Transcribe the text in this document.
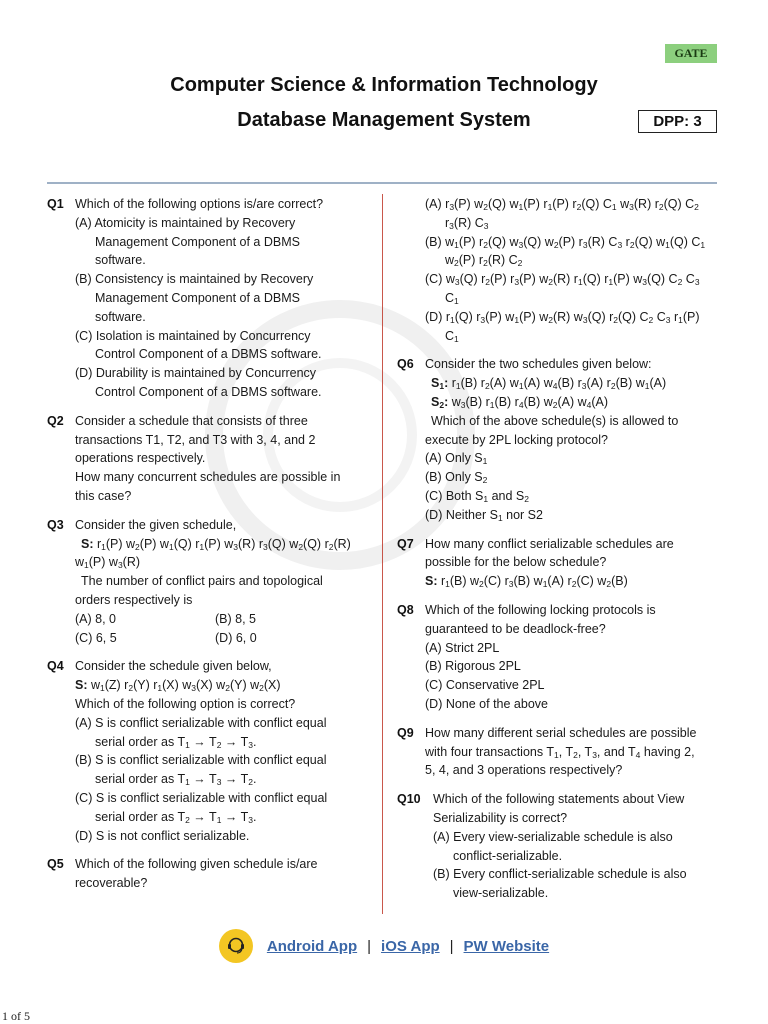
GATE
Computer Science & Information Technology
Database Management System	DPP: 3
Q1 Which of the following options is/are correct?
(A) Atomicity is maintained by Recovery
Management Component of a DBMS
software.
(B) Consistency is maintained by Recovery
Management Component of a DBMS
software.
(C) Isolation is maintained by Concurrency
Control Component of a DBMS software.
(D) Durability is maintained by Concurrency
Control Component of a DBMS software.
Q2 Consider a schedule that consists of three
transactions T1, T2, and T3 with 3, 4, and 2
operations respectively.
How many concurrent schedules are possible in
this case?
Q3 Consider the given schedule,
S: $r_1(P)$ $w_2(P)$ $w_1(Q)$ $r_1(P)$ $w_3(R)$ $r_3(Q)$ $w_2(Q)$ $r_2(R)$
$w_1(P)$ $w_3(R)$
The number of conflict pairs and topological
orders respectively is
(A) 8, 0	(B) 8, 5
(C) 6, 5	(D) 6, 0
Q4 Consider the schedule given below,
S: $w_1(Z)$ $r_2(Y)$ $r_1(X)$ $w_3(X)$ $w_2(Y)$ $w_2(X)$
Which of the following option is correct?
(A) S is conflict serializable with conflict equal
serial order as $T_1 \to T_2 \to T_3$.
(B) S is conflict serializable with conflict equal
serial order as $T_1 \to T_3 \to T_2$.
(C) S is conflict serializable with conflict equal
serial order as $T_2 \to T_1 \to T_3$.
(D) S is not conflict serializable.
Q5 Which of the following given schedule is/are
recoverable?
(A) $r_3(P)$ $w_2(Q)$ $w_1(P)$ $r_1(P)$ $r_2(Q)$ $C_1$ $w_3(R)$ $r_2(Q)$ $C_2$
$r_3(R)$ $C_3$
(B) $w_1(P)$ $r_2(Q)$ $w_3(Q)$ $w_2(P)$ $r_3(R)$ $C_3$ $r_2(Q)$ $w_1(Q)$ $C_1$
$w_2(P)$ $r_2(R)$ $C_2$
(C) $w_3(Q)$ $r_2(P)$ $r_3(P)$ $w_2(R)$ $r_1(Q)$ $r_1(P)$ $w_3(Q)$ $C_2$ $C_3$
$C_1$
(D) $r_1(Q)$ $r_3(P)$ $w_1(P)$ $w_2(R)$ $w_3(Q)$ $r_2(Q)$ $C_2$ $C_3$ $r_1(P)$
$C_1$
Q6 Consider the two schedules given below:
$S_1$: $r_1(B)$ $r_2(A)$ $w_1(A)$ $w_4(B)$ $r_3(A)$ $r_2(B)$ $w_1(A)$
$S_2$: $w_3(B)$ $r_1(B)$ $r_4(B)$ $w_2(A)$ $w_4(A)$
Which of the above schedule(s) is allowed to
execute by 2PL locking protocol?
(A) Only $S_1$
(B) Only $S_2$
(C) Both $S_1$ and $S_2$
(D) Neither $S_1$ nor S2
Q7 How many conflict serializable schedules are
possible for the below schedule?
S: $r_1(B)$ $w_2(C)$ $r_3(B)$ $w_1(A)$ $r_2(C)$ $w_2(B)$
Q8 Which of the following locking protocols is
guaranteed to be deadlock-free?
(A) Strict 2PL
(B) Rigorous 2PL
(C) Conservative 2PL
(D) None of the above
Q9 How many different serial schedules are possible
with four transactions $T_1$, $T_2$, $T_3$, and $T_4$ having 2,
5, 4, and 3 operations respectively?
Q10 Which of the following statements about View
Serializability is correct?
(A) Every view-serializable schedule is also
conflict-serializable.
(B) Every conflict-serializable schedule is also
view-serializable.
Android App | iOS App | PW Website
1 of 5
